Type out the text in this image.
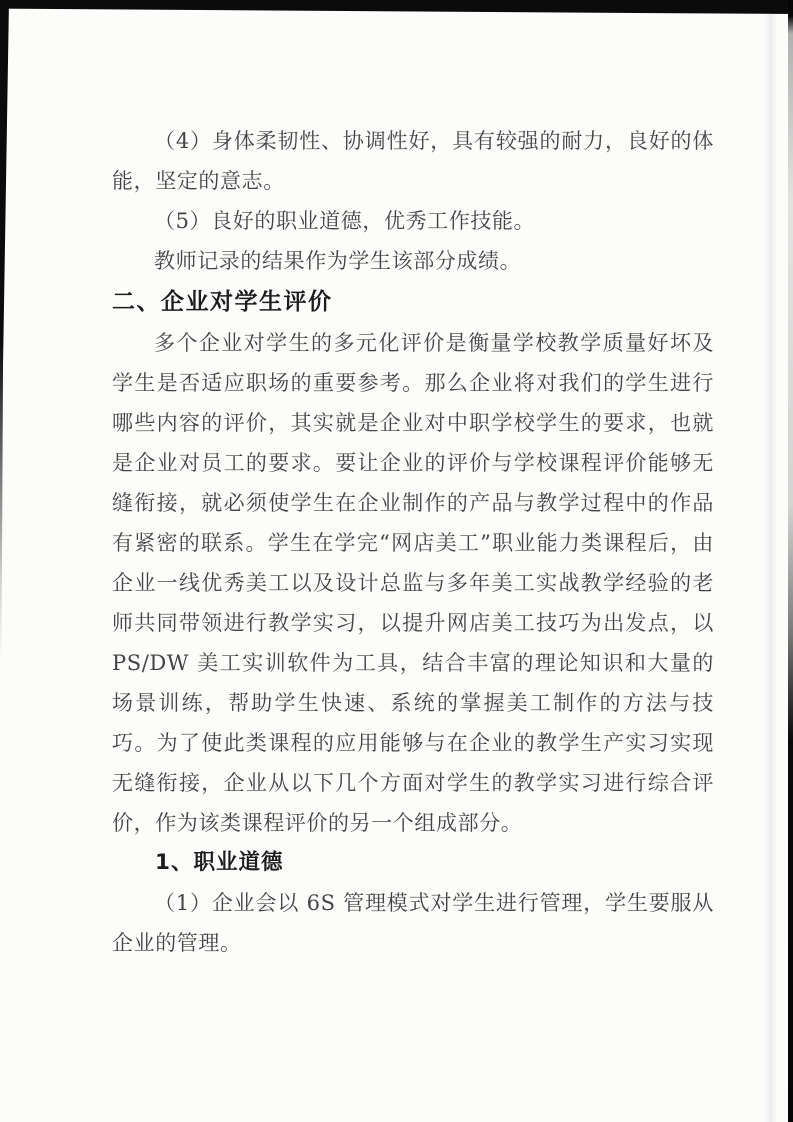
（4）身体柔韧性、协调性好，具有较强的耐力，良好的体能，坚定的意志。

（5）良好的职业道德，优秀工作技能。

教师记录的结果作为学生该部分成绩。

二、企业对学生评价

多个企业对学生的多元化评价是衡量学校教学质量好坏及学生是否适应职场的重要参考。那么企业将对我们的学生进行哪些内容的评价，其实就是企业对中职学校学生的要求，也就是企业对员工的要求。要让企业的评价与学校课程评价能够无缝衔接，就必须使学生在企业制作的产品与教学过程中的作品有紧密的联系。学生在学完“网店美工”职业能力类课程后，由企业一线优秀美工以及设计总监与多年美工实战教学经验的老师共同带领进行教学实习，以提升网店美工技巧为出发点，以 PS/DW 美工实训软件为工具，结合丰富的理论知识和大量的场景训练，帮助学生快速、系统的掌握美工制作的方法与技巧。为了使此类课程的应用能够与在企业的教学生产实习实现无缝衔接，企业从以下几个方面对学生的教学实习进行综合评价，作为该类课程评价的另一个组成部分。

1、职业道德

（1）企业会以 6S 管理模式对学生进行管理，学生要服从企业的管理。
